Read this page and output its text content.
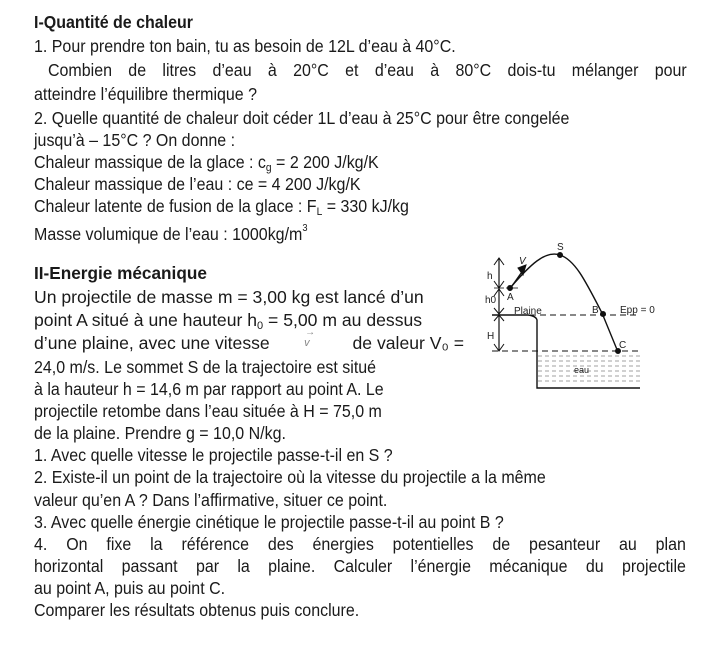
I-Quantité de chaleur
1. Pour prendre ton bain, tu as besoin de 12L d’eau à 40°C.
Combien de litres d’eau à 20°C et d’eau à 80°C dois-tu mélanger pour
atteindre l’équilibre thermique ?
2. Quelle quantité de chaleur doit céder 1L d’eau à 25°C pour être congelée
jusqu’à – 15°C ? On donne :
Chaleur massique de la glace : $c_g = 2$ 200 J/kg/K
Chaleur massique de l’eau : ce = 4 200 J/kg/K
Chaleur latente de fusion de la glace : $F_L = 330$ kJ/kg
Masse volumique de l’eau : $1000kg/m^3$
II-Energie mécanique
Un projectile de masse m = 3,00 kg est lancé d’un
point A situé à une hauteur $h_0 = 5,00$ m au dessus
d’une plaine, avec une vitesse	→ v	de valeur V₀ =
24,0 m/s. Le sommet S de la trajectoire est situé
à la hauteur h = 14,6 m par rapport au point A. Le
projectile retombe dans l’eau située à H = 75,0 m
de la plaine. Prendre g = 10,0 N/kg.
1. Avec quelle vitesse le projectile passe-t-il en S ?
2. Existe-il un point de la trajectoire où la vitesse du projectile a la même
valeur qu’en A ? Dans l’affirmative, situer ce point.
3. Avec quelle énergie cinétique le projectile passe-t-il au point B ?
4. On fixe la référence des énergies potentielles de pesanteur au plan
horizontal passant par la plaine. Calculer l’énergie mécanique du projectile
au point A, puis au point C.
Comparer les résultats obtenus puis conclure.
S
A
B
C
V
h
h0
H
Plaine	Epp = 0
eau
